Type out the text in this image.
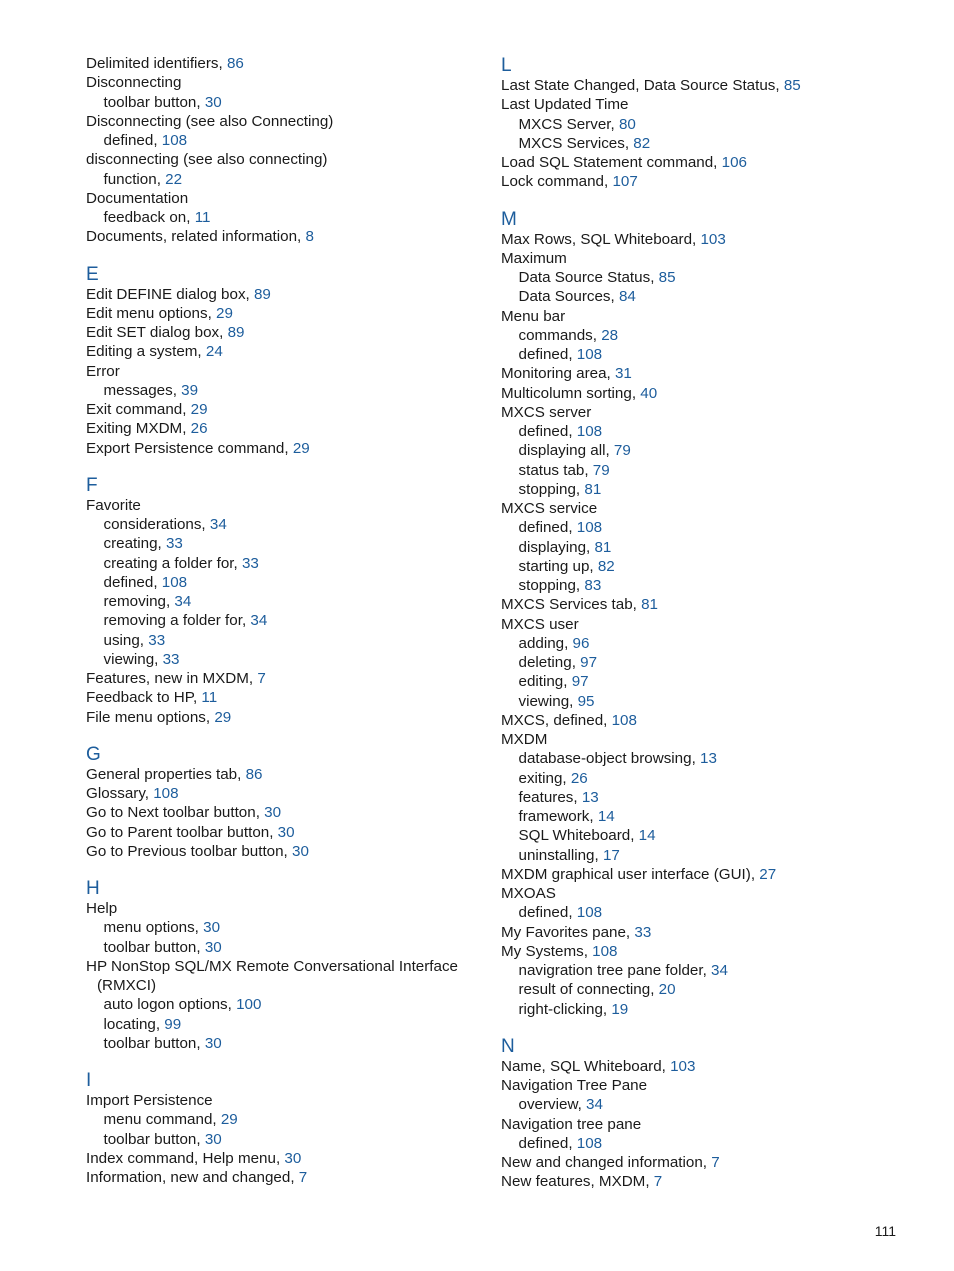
Delimited identifiers, 86
Disconnecting
toolbar button, 30
Disconnecting (see also Connecting)
defined, 108
disconnecting (see also connecting)
function, 22
Documentation
feedback on, 11
Documents, related information, 8
E
Edit DEFINE dialog box, 89
Edit menu options, 29
Edit SET dialog box, 89
Editing a system, 24
Error
messages, 39
Exit command, 29
Exiting MXDM, 26
Export Persistence command, 29
F
Favorite
considerations, 34
creating, 33
creating a folder for, 33
defined, 108
removing, 34
removing a folder for, 34
using, 33
viewing, 33
Features, new in MXDM, 7
Feedback to HP, 11
File menu options, 29
G
General properties tab, 86
Glossary, 108
Go to Next toolbar button, 30
Go to Parent toolbar button, 30
Go to Previous toolbar button, 30
H
Help
menu options, 30
toolbar button, 30
HP NonStop SQL/MX Remote Conversational Interface
(RMXCI)
auto logon options, 100
locating, 99
toolbar button, 30
I
Import Persistence
menu command, 29
toolbar button, 30
Index command, Help menu, 30
Information, new and changed, 7
L
Last State Changed, Data Source Status, 85
Last Updated Time
MXCS Server, 80
MXCS Services, 82
Load SQL Statement command, 106
Lock command, 107
M
Max Rows, SQL Whiteboard, 103
Maximum
Data Source Status, 85
Data Sources, 84
Menu bar
commands, 28
defined, 108
Monitoring area, 31
Multicolumn sorting, 40
MXCS server
defined, 108
displaying all, 79
status tab, 79
stopping, 81
MXCS service
defined, 108
displaying, 81
starting up, 82
stopping, 83
MXCS Services tab, 81
MXCS user
adding, 96
deleting, 97
editing, 97
viewing, 95
MXCS, defined, 108
MXDM
database-object browsing, 13
exiting, 26
features, 13
framework, 14
SQL Whiteboard, 14
uninstalling, 17
MXDM graphical user interface (GUI), 27
MXOAS
defined, 108
My Favorites pane, 33
My Systems, 108
navigration tree pane folder, 34
result of connecting, 20
right-clicking, 19
N
Name, SQL Whiteboard, 103
Navigation Tree Pane
overview, 34
Navigation tree pane
defined, 108
New and changed information, 7
New features, MXDM, 7
111
